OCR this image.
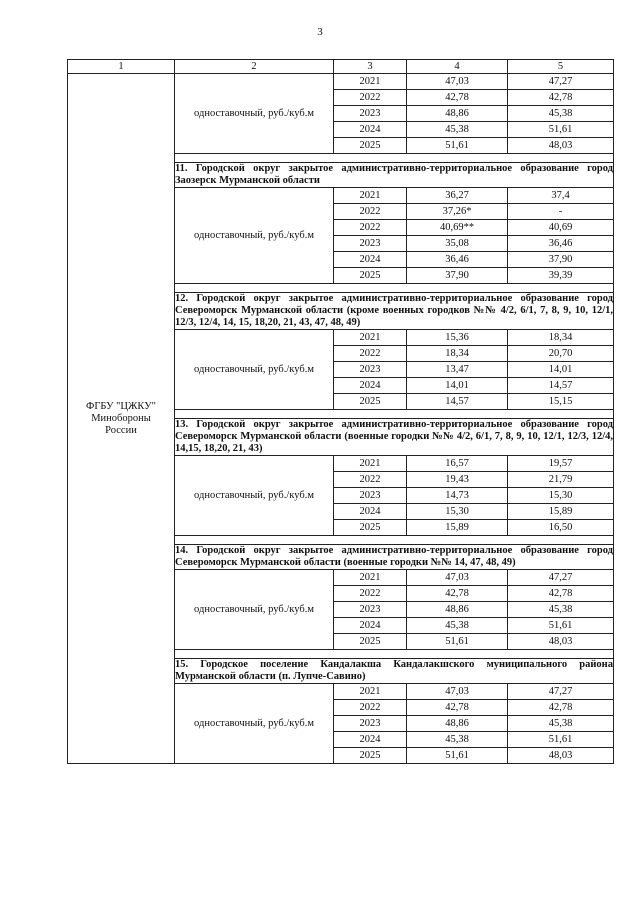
3
1	2	3	4	5

ФГБУ "ЦЖКУ"
Минобороны
России	одноставочный, руб./куб.м	2021	47,03	47,27
		2022	42,78	42,78
		2023	48,86	45,38
		2024	45,38	51,61
		2025	51,61	48,03

	11. Городской округ закрытое административно-территориальное образование город Заозерск Мурманской области			
	одноставочный, руб./куб.м	2021	36,27	37,4
		2022	37,26*	-
		2022	40,69**	40,69
		2023	35,08	36,46
		2024	36,46	37,90
		2025	37,90	39,39

	12. Городской округ закрытое административно-территориальное образование город Североморск Мурманской области (кроме военных городков №№ 4/2, 6/1, 7, 8, 9, 10, 12/1, 12/3, 12/4, 14, 15, 18,20, 21, 43, 47, 48, 49)			
	одноставочный, руб./куб.м	2021	15,36	18,34
		2022	18,34	20,70
		2023	13,47	14,01
		2024	14,01	14,57
		2025	14,57	15,15

	13. Городской округ закрытое административно-территориальное образование город Североморск Мурманской области (военные городки №№ 4/2, 6/1, 7, 8, 9, 10, 12/1, 12/3, 12/4, 14,15, 18,20, 21, 43)			
	одноставочный, руб./куб.м	2021	16,57	19,57
		2022	19,43	21,79
		2023	14,73	15,30
		2024	15,30	15,89
		2025	15,89	16,50

	14. Городской округ закрытое административно-территориальное образование город Североморск Мурманской области (военные городки №№ 14, 47, 48, 49)			
	одноставочный, руб./куб.м	2021	47,03	47,27
		2022	42,78	42,78
		2023	48,86	45,38
		2024	45,38	51,61
		2025	51,61	48,03

	15. Городское поселение Кандалакша Кандалакшского муниципального района Мурманской области (п. Лупче-Савино)			
	одноставочный, руб./куб.м	2021	47,03	47,27
		2022	42,78	42,78
		2023	48,86	45,38
		2024	45,38	51,61
		2025	51,61	48,03
